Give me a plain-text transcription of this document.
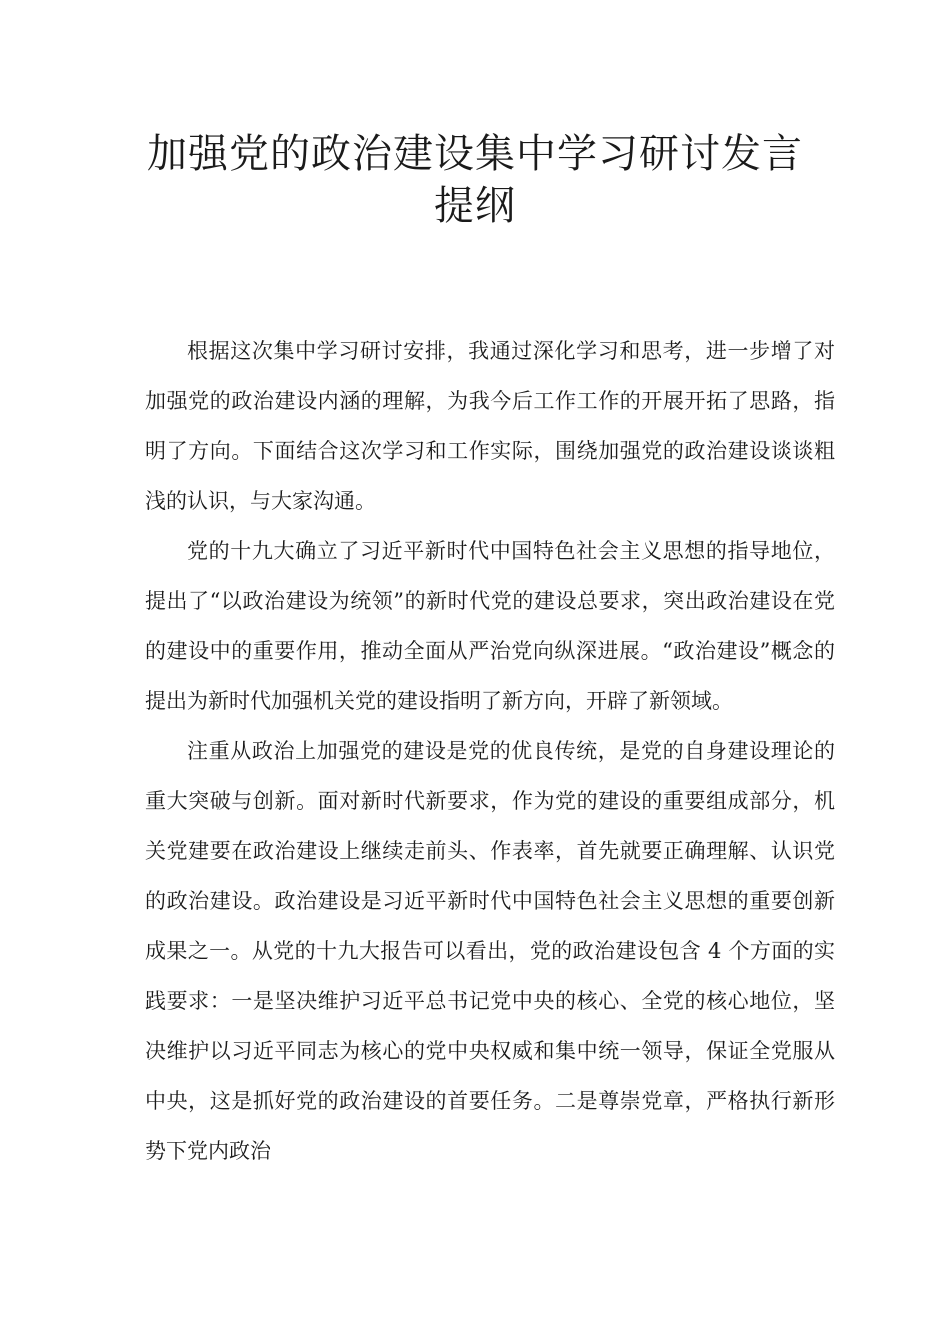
加强党的政治建设集中学习研讨发言提纲

根据这次集中学习研讨安排，我通过深化学习和思考，进一步增了对加强党的政治建设内涵的理解，为我今后工作工作的开展开拓了思路，指明了方向。下面结合这次学习和工作实际，围绕加强党的政治建设谈谈粗浅的认识，与大家沟通。

党的十九大确立了习近平新时代中国特色社会主义思想的指导地位，提出了“以政治建设为统领”的新时代党的建设总要求，突出政治建设在党的建设中的重要作用，推动全面从严治党向纵深进展。“政治建设”概念的提出为新时代加强机关党的建设指明了新方向，开辟了新领域。

注重从政治上加强党的建设是党的优良传统，是党的自身建设理论的重大突破与创新。面对新时代新要求，作为党的建设的重要组成部分，机关党建要在政治建设上继续走前头、作表率，首先就要正确理解、认识党的政治建设。政治建设是习近平新时代中国特色社会主义思想的重要创新成果之一。从党的十九大报告可以看出，党的政治建设包含 4 个方面的实践要求：一是坚决维护习近平总书记党中央的核心、全党的核心地位，坚决维护以习近平同志为核心的党中央权威和集中统一领导，保证全党服从中央，这是抓好党的政治建设的首要任务。二是尊崇党章，严格执行新形势下党内政治
